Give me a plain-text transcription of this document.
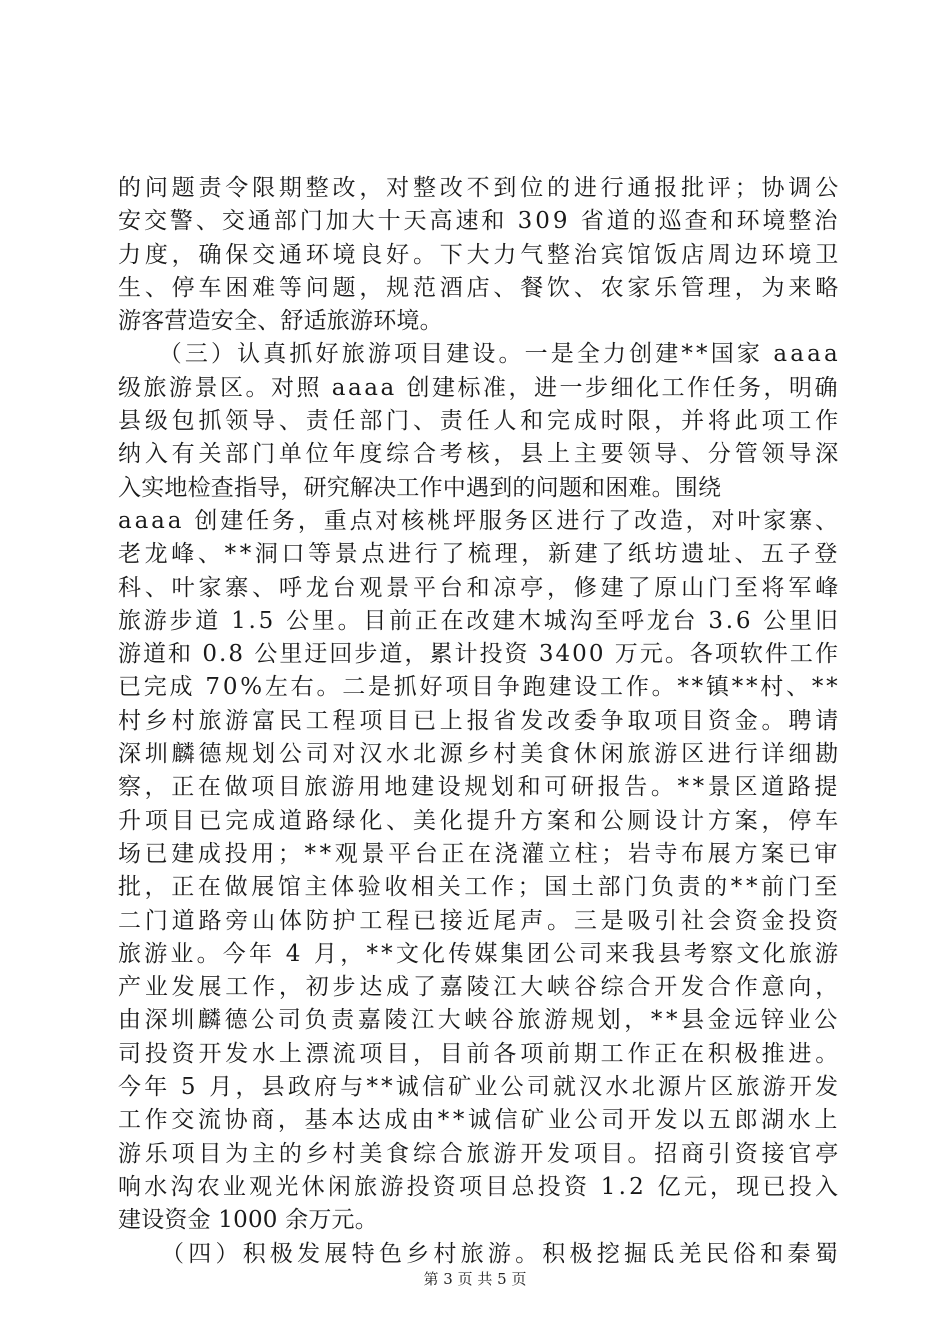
的问题责令限期整改，对整改不到位的进行通报批评；协调公
安交警、交通部门加大十天高速和 309 省道的巡查和环境整治
力度，确保交通环境良好。下大力气整治宾馆饭店周边环境卫
生、停车困难等问题，规范酒店、餐饮、农家乐管理，为来略
游客营造安全、舒适旅游环境。
　　（三）认真抓好旅游项目建设。一是全力创建**国家 aaaa
级旅游景区。对照 aaaa 创建标准，进一步细化工作任务，明确
县级包抓领导、责任部门、责任人和完成时限，并将此项工作
纳入有关部门单位年度综合考核，县上主要领导、分管领导深
入实地检查指导，研究解决工作中遇到的问题和困难。围绕
aaaa 创建任务，重点对核桃坪服务区进行了改造，对叶家寨、
老龙峰、**洞口等景点进行了梳理，新建了纸坊遗址、五子登
科、叶家寨、呼龙台观景平台和凉亭，修建了原山门至将军峰
旅游步道 1.5 公里。目前正在改建木城沟至呼龙台 3.6 公里旧
游道和 0.8 公里迂回步道，累计投资 3400 万元。各项软件工作
已完成 70%左右。二是抓好项目争跑建设工作。**镇**村、**
村乡村旅游富民工程项目已上报省发改委争取项目资金。聘请
深圳麟德规划公司对汉水北源乡村美食休闲旅游区进行详细勘
察，正在做项目旅游用地建设规划和可研报告。**景区道路提
升项目已完成道路绿化、美化提升方案和公厕设计方案，停车
场已建成投用；**观景平台正在浇灌立柱；岩寺布展方案已审
批，正在做展馆主体验收相关工作；国土部门负责的**前门至
二门道路旁山体防护工程已接近尾声。三是吸引社会资金投资
旅游业。今年 4 月，**文化传媒集团公司来我县考察文化旅游
产业发展工作，初步达成了嘉陵江大峡谷综合开发合作意向，
由深圳麟德公司负责嘉陵江大峡谷旅游规划，**县金远锌业公
司投资开发水上漂流项目，目前各项前期工作正在积极推进。
今年 5 月，县政府与**诚信矿业公司就汉水北源片区旅游开发
工作交流协商，基本达成由**诚信矿业公司开发以五郎湖水上
游乐项目为主的乡村美食综合旅游开发项目。招商引资接官亭
响水沟农业观光休闲旅游投资项目总投资 1.2 亿元，现已投入
建设资金 1000 余万元。
　　（四）积极发展特色乡村旅游。积极挖掘氐羌民俗和秦蜀
第 3 页 共 5 页
